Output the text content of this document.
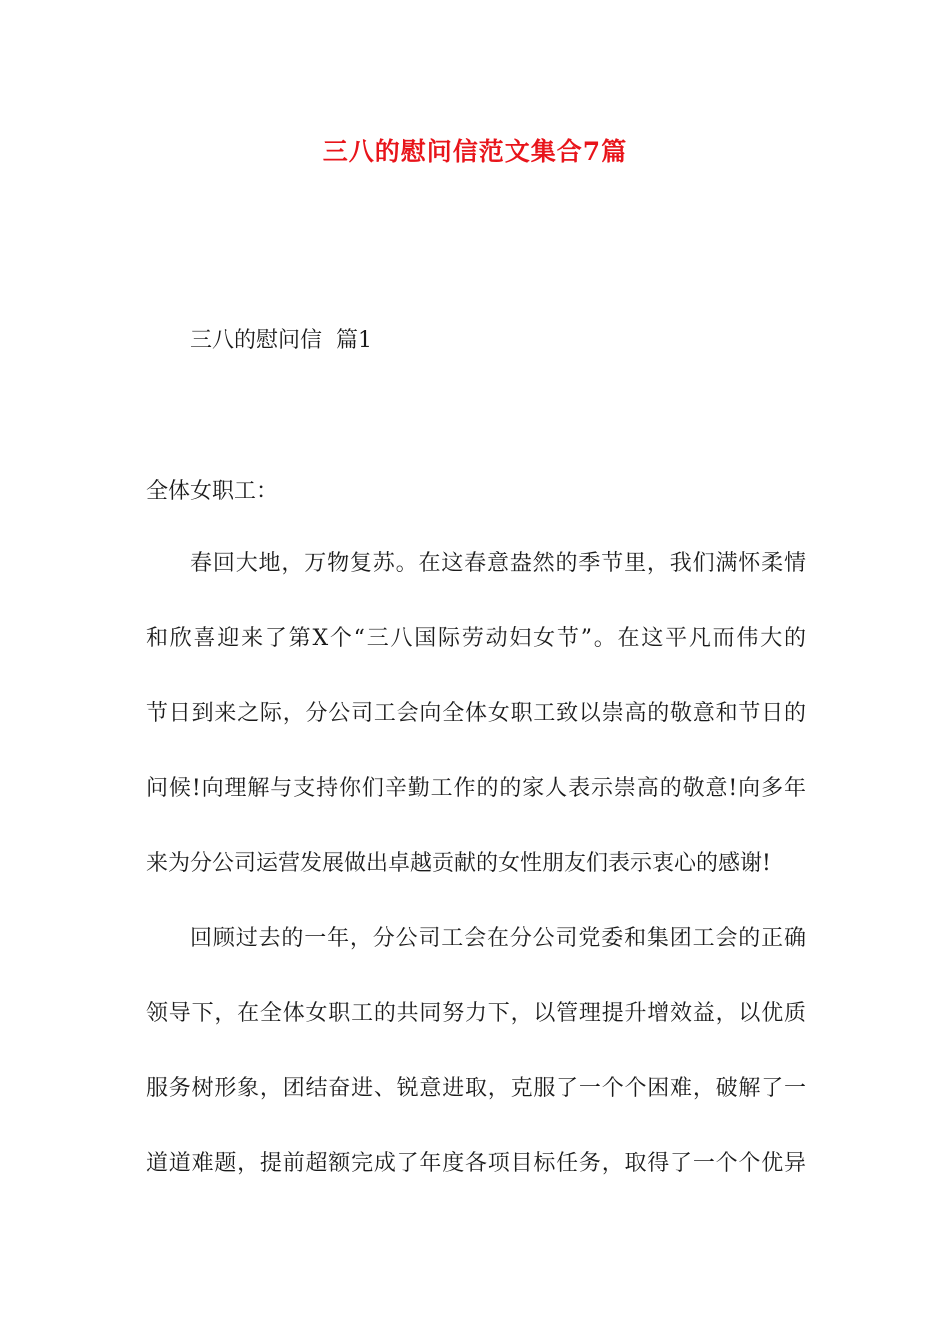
三八的慰问信范文集合7篇
三八的慰问信  篇1
全体女职工：
春回大地，万物复苏。在这春意盎然的季节里，我们满怀柔情
和欣喜迎来了第X个“三八国际劳动妇女节”。在这平凡而伟大的
节日到来之际，分公司工会向全体女职工致以崇高的敬意和节日的
问候!向理解与支持你们辛勤工作的的家人表示崇高的敬意!向多年
来为分公司运营发展做出卓越贡献的女性朋友们表示衷心的感谢!
回顾过去的一年，分公司工会在分公司党委和集团工会的正确
领导下，在全体女职工的共同努力下，以管理提升增效益，以优质
服务树形象，团结奋进、锐意进取，克服了一个个困难，破解了一
道道难题，提前超额完成了年度各项目标任务，取得了一个个优异
